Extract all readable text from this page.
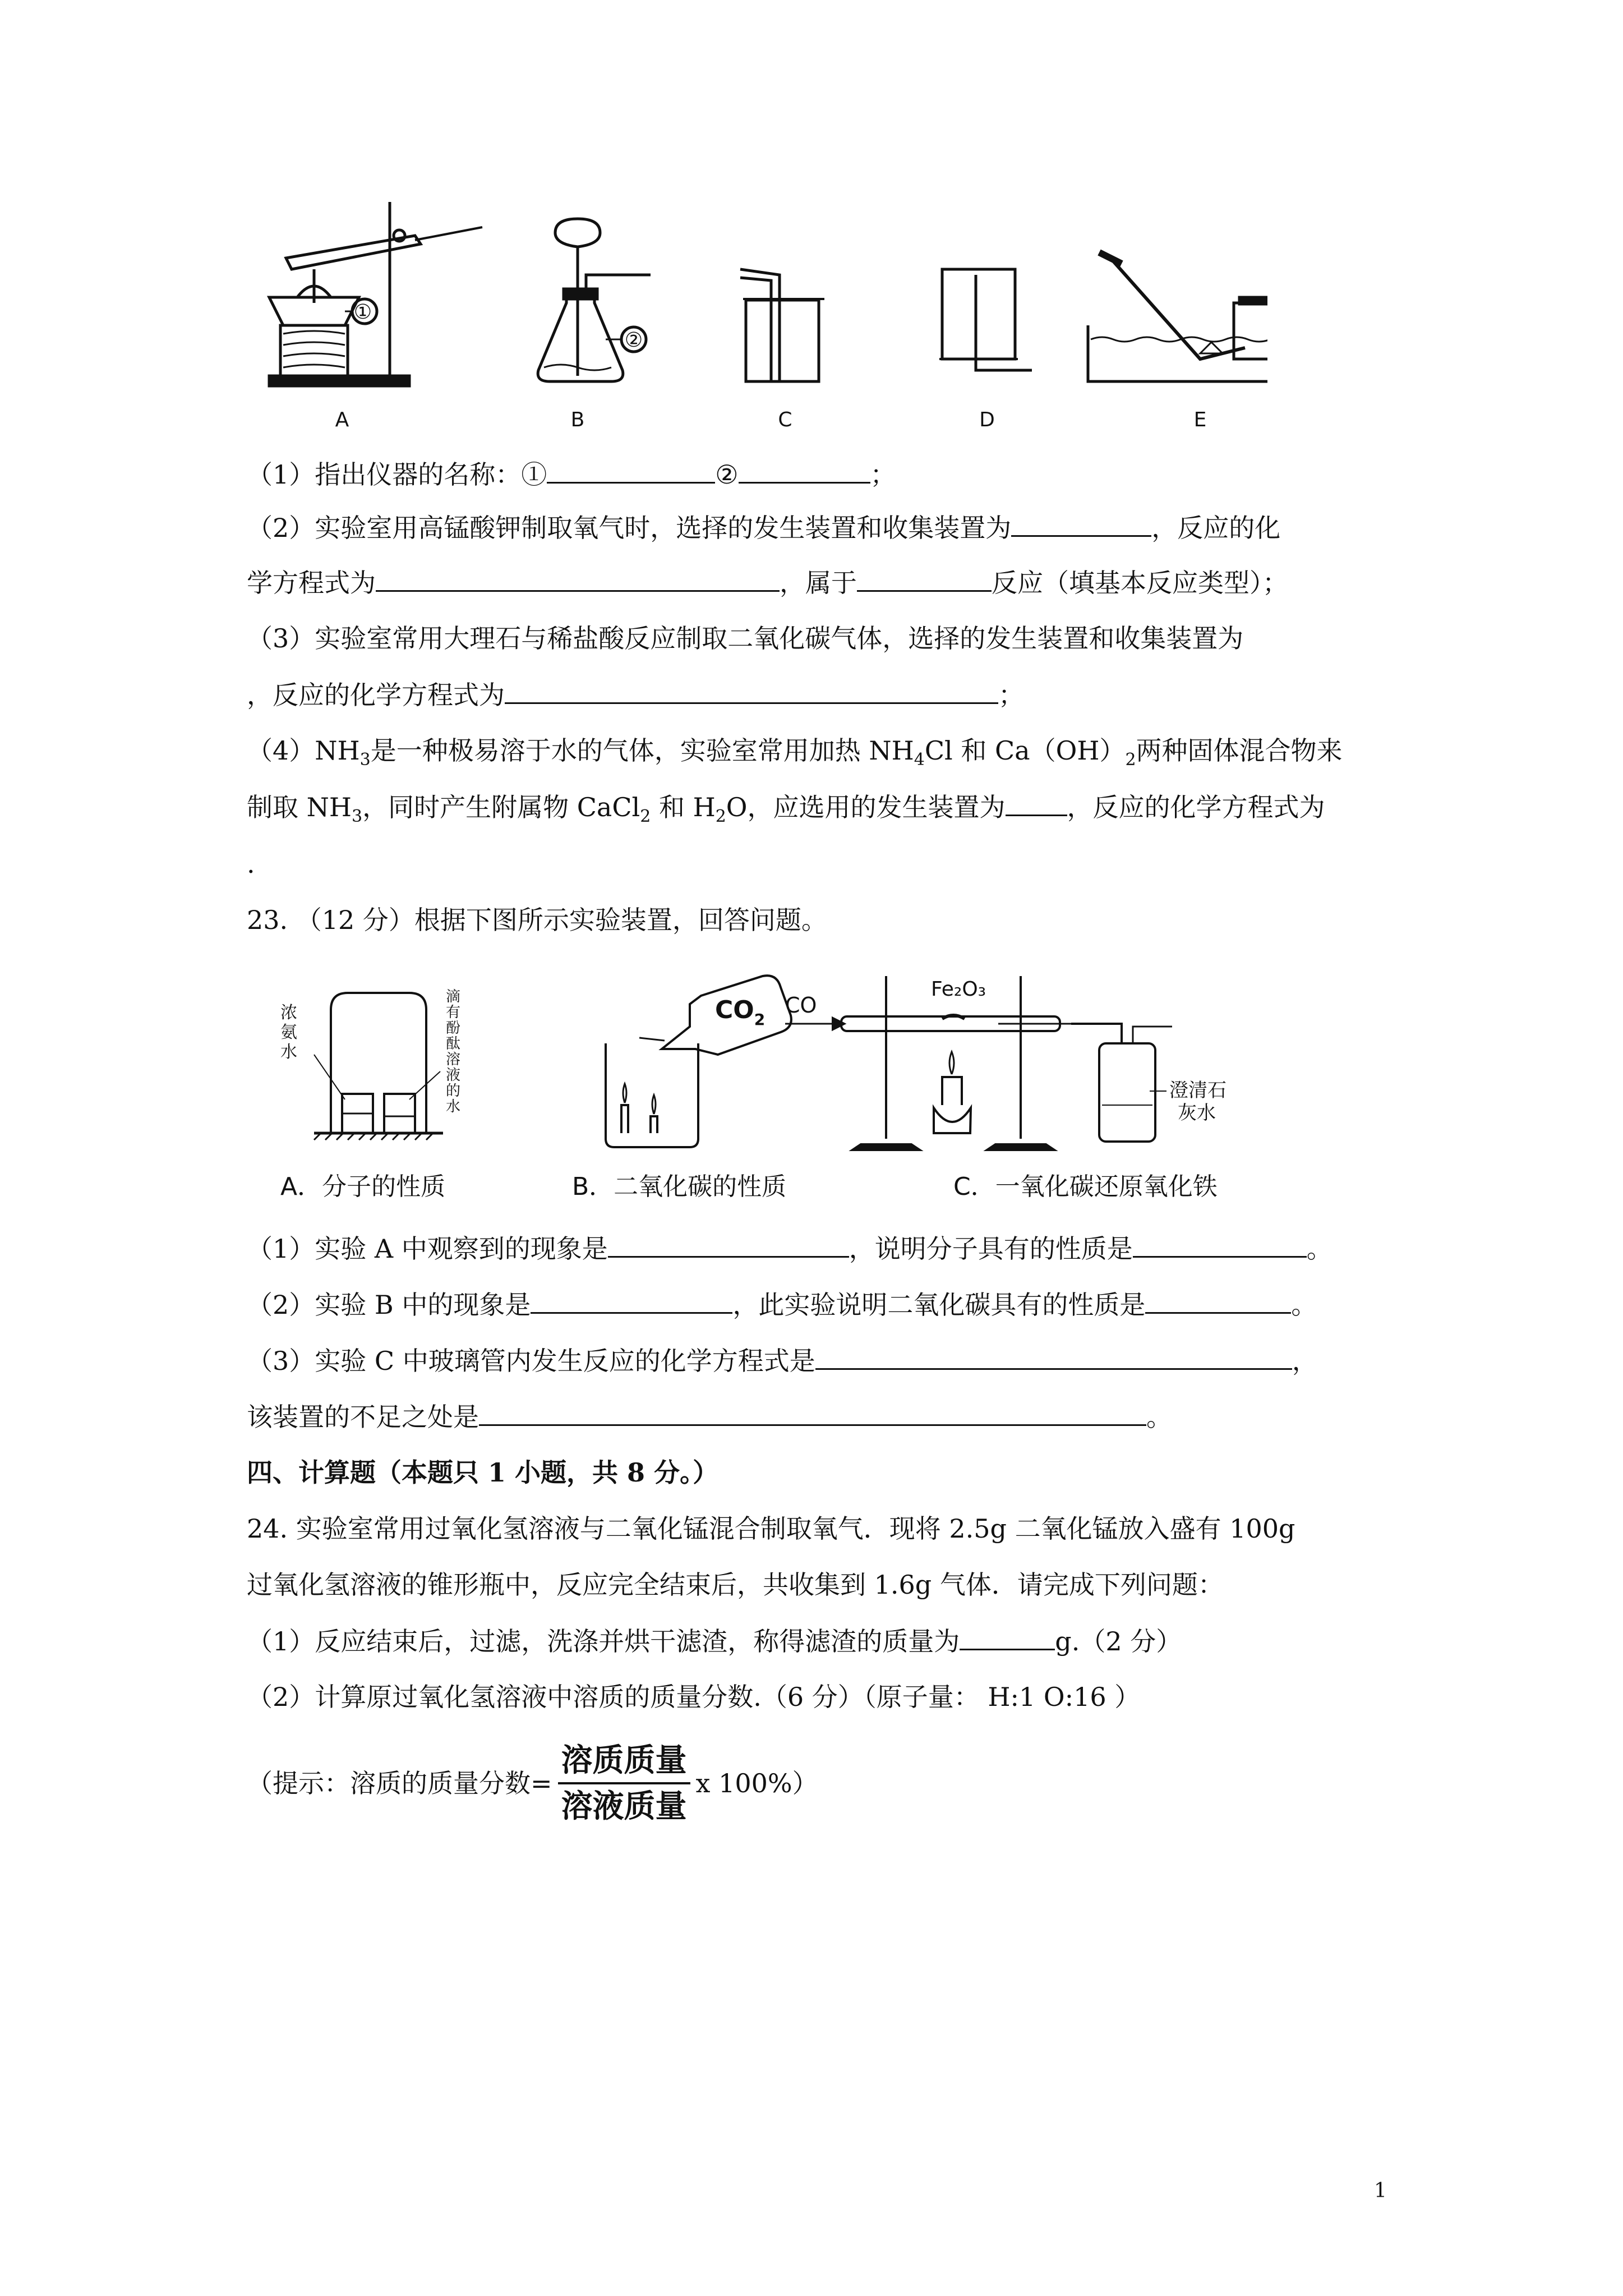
①
②
A	B	C	D	E
（1）指出仪器的名称：①	②	；
（2）实验室用高锰酸钾制取氧气时，选择的发生装置和收集装置为	，反应的化
学方程式为	，属于	反应（填基本反应类型）；
（3）实验室常用大理石与稀盐酸反应制取二氧化碳气体，选择的发生装置和收集装置为
，反应的化学方程式为	；
$(4)NH_3$是一种极易溶于水的气体，实验室常用加热 $NH_4Cl$ 和 $Ca(OH)_2$两种固体混合物来
制取 $NH_3$，同时产生附属物 CaCl$_2$ 和 $H_2O$，应选用的发生装置为 ，反应的化学方程式为
.
23. （12 分）根据下图所示实验装置，回答问题。
浓
氨
水
滴
有
酚
酞
溶
液
的
水
$CO_2$
CO
Fe₂O₃
澄清石
灰水
A．分子的性质	B．二氧化碳的性质	C．一氧化碳还原氧化铁
（1）实验 A 中观察到的现象是	，说明分子具有的性质是	。
（2）实验 B 中的现象是	，此实验说明二氧化碳具有的性质是	。
（3）实验 C 中玻璃管内发生反应的化学方程式是	，
该装置的不足之处是	。
四、计算题（本题只 1 小题，共 8 分。）
24. 实验室常用过氧化氢溶液与二氧化锰混合制取氧气．现将 2.5g 二氧化锰放入盛有 100g
过氧化氢溶液的锥形瓶中，反应完全结束后，共收集到 1.6g 气体．请完成下列问题：
（1）反应结束后，过滤，洗涤并烘干滤渣，称得滤渣的质量为	g.（2 分）
（2）计算原过氧化氢溶液中溶质的质量分数.（6 分）（原子量： H:1 O:16 ）
（提示：溶质的质量分数= $\frac{\text{溶质质量}}{\text{溶液质量}}$ x 100%）
1
